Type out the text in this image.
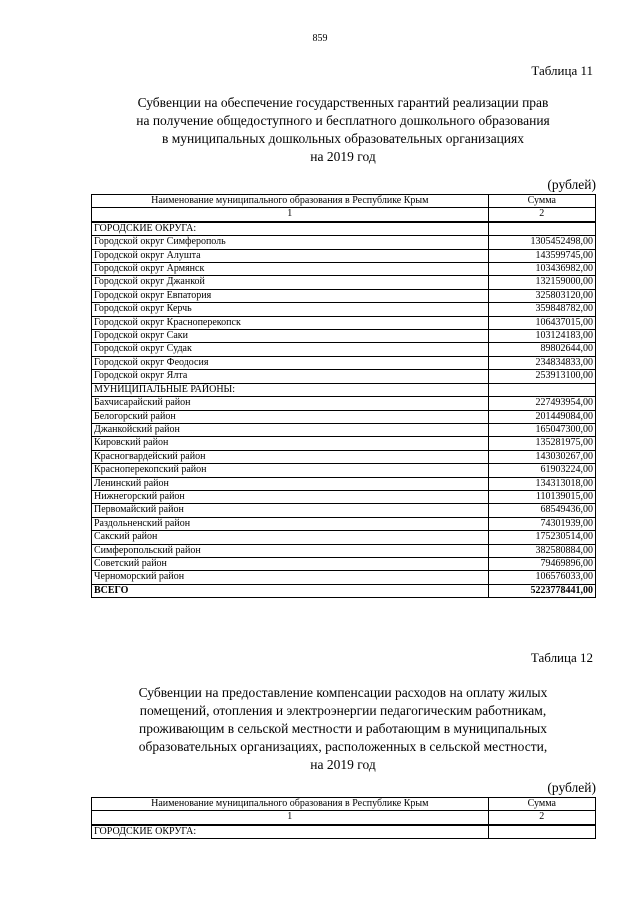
859
Таблица 11
Субвенции на обеспечение государственных гарантий реализации прав
на получение общедоступного и бесплатного дошкольного образования
в муниципальных дошкольных образовательных организациях
на 2019 год
(рублей)
Наименование муниципального образования в Республике Крым	Сумма
1	2
ГОРОДСКИЕ ОКРУГА:	
Городской округ Симферополь	1305452498,00
Городской округ Алушта	143599745,00
Городской округ Армянск	103436982,00
Городской округ Джанкой	132159000,00
Городской округ Евпатория	325803120,00
Городской округ Керчь	359848782,00
Городской округ Красноперекопск	106437015,00
Городской округ Саки	103124183,00
Городской округ Судак	89802644,00
Городской округ Феодосия	234834833,00
Городской округ Ялта	253913100,00
МУНИЦИПАЛЬНЫЕ РАЙОНЫ:	
Бахчисарайский район	227493954,00
Белогорский район	201449084,00
Джанкойский район	165047300,00
Кировский район	135281975,00
Красногвардейский район	143030267,00
Красноперекопский район	61903224,00
Ленинский район	134313018,00
Нижнегорский район	110139015,00
Первомайский район	68549436,00
Раздольненский район	74301939,00
Сакский район	175230514,00
Симферопольский район	382580884,00
Советский район	79469896,00
Черноморский район	106576033,00
ВСЕГО	5223778441,00
Таблица 12
Субвенции на предоставление компенсации расходов на оплату жилых
помещений, отопления и электроэнергии педагогическим работникам,
проживающим в сельской местности и работающим в муниципальных
образовательных организациях, расположенных в сельской местности,
на 2019 год
(рублей)
Наименование муниципального образования в Республике Крым	Сумма
1	2
ГОРОДСКИЕ ОКРУГА:	
